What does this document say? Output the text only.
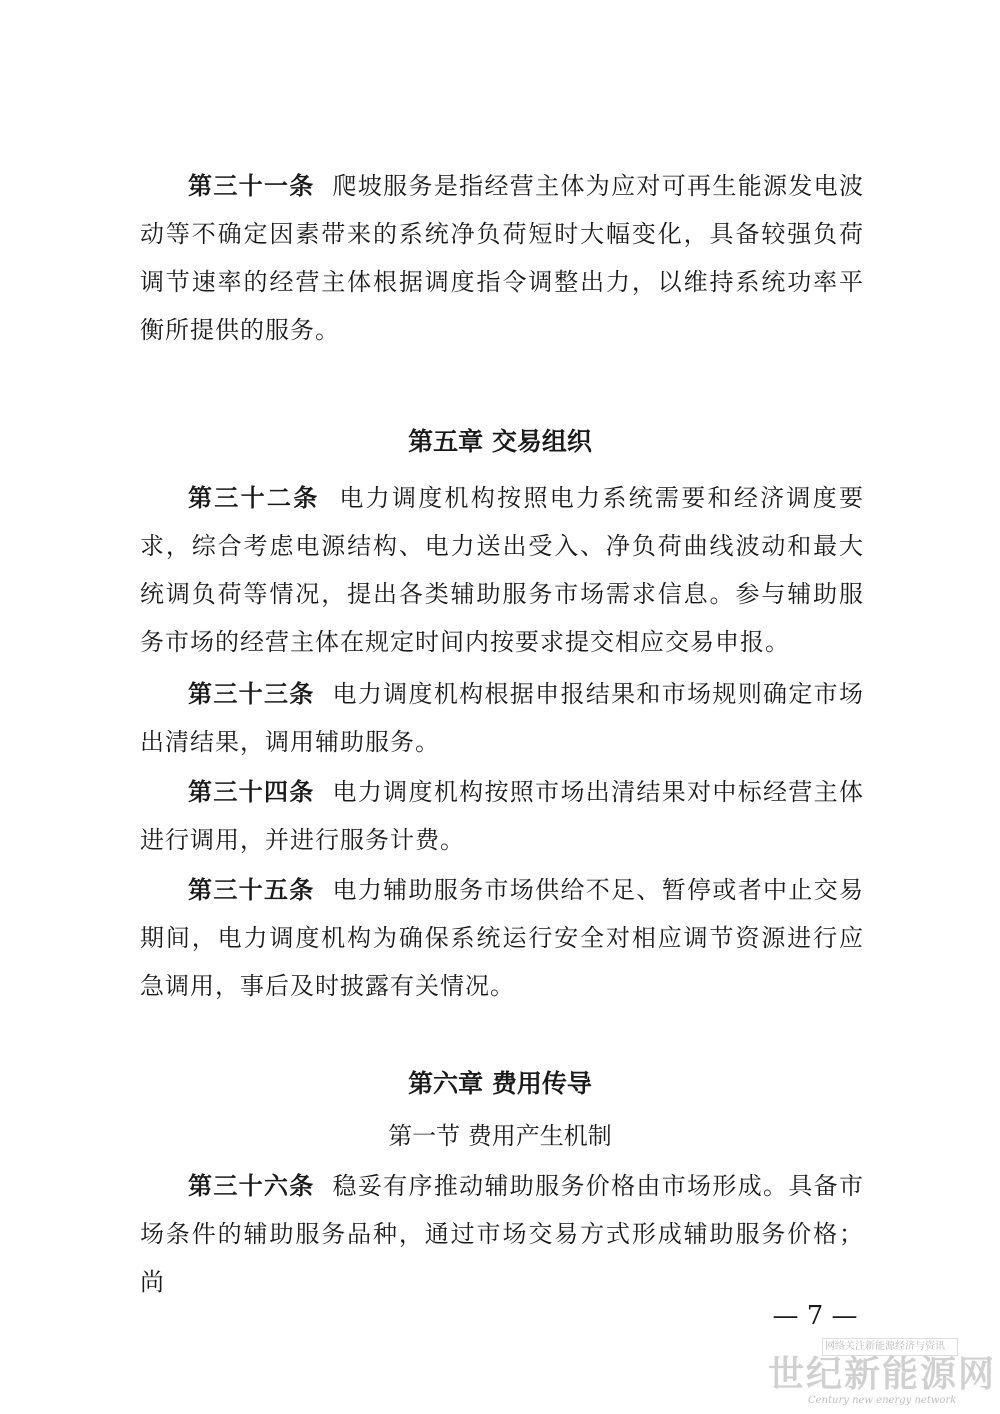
第三十一条 爬坡服务是指经营主体为应对可再生能源发电波动等不确定因素带来的系统净负荷短时大幅变化，具备较强负荷调节速率的经营主体根据调度指令调整出力，以维持系统功率平衡所提供的服务。

第五章 交易组织

第三十二条 电力调度机构按照电力系统需要和经济调度要求，综合考虑电源结构、电力送出受入、净负荷曲线波动和最大统调负荷等情况，提出各类辅助服务市场需求信息。参与辅助服务市场的经营主体在规定时间内按要求提交相应交易申报。

第三十三条 电力调度机构根据申报结果和市场规则确定市场出清结果，调用辅助服务。

第三十四条 电力调度机构按照市场出清结果对中标经营主体进行调用，并进行服务计费。

第三十五条 电力辅助服务市场供给不足、暂停或者中止交易期间，电力调度机构为确保系统运行安全对相应调节资源进行应急调用，事后及时披露有关情况。

第六章 费用传导
第一节 费用产生机制

第三十六条 稳妥有序推动辅助服务价格由市场形成。具备市场条件的辅助服务品种，通过市场交易方式形成辅助服务价格；尚

— 7 —
网络关注新能源经济与资讯
世纪新能源网
Century new energy network
